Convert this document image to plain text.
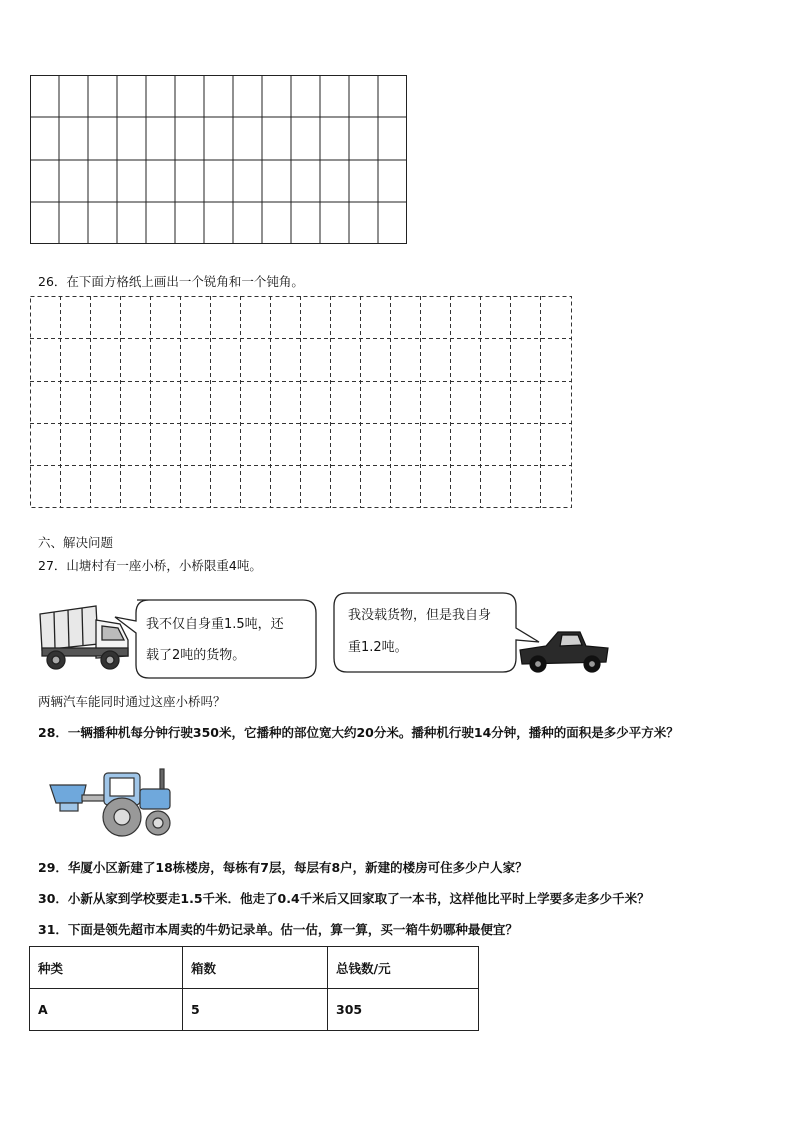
26．在下面方格纸上画出一个锐角和一个钝角。
六、解决问题
27．山塘村有一座小桥，小桥限重4吨。
我不仅自身重1.5吨，还
载了2吨的货物。
我没载货物，但是我自身
重1.2吨。
两辆汽车能同时通过这座小桥吗？
28．一辆播种机每分钟行驶350米，它播种的部位宽大约20分米。播种机行驶14分钟，播种的面积是多少平方米？
29．华厦小区新建了18栋楼房，每栋有7层，每层有8户，新建的楼房可住多少户人家？
30．小新从家到学校要走1.5千米．他走了0.4千米后又回家取了一本书，这样他比平时上学要多走多少千米？
31．下面是领先超市本周卖的牛奶记录单。估一估，算一算，买一箱牛奶哪种最便宜？
种类	箱数	总钱数/元
A	5	305
